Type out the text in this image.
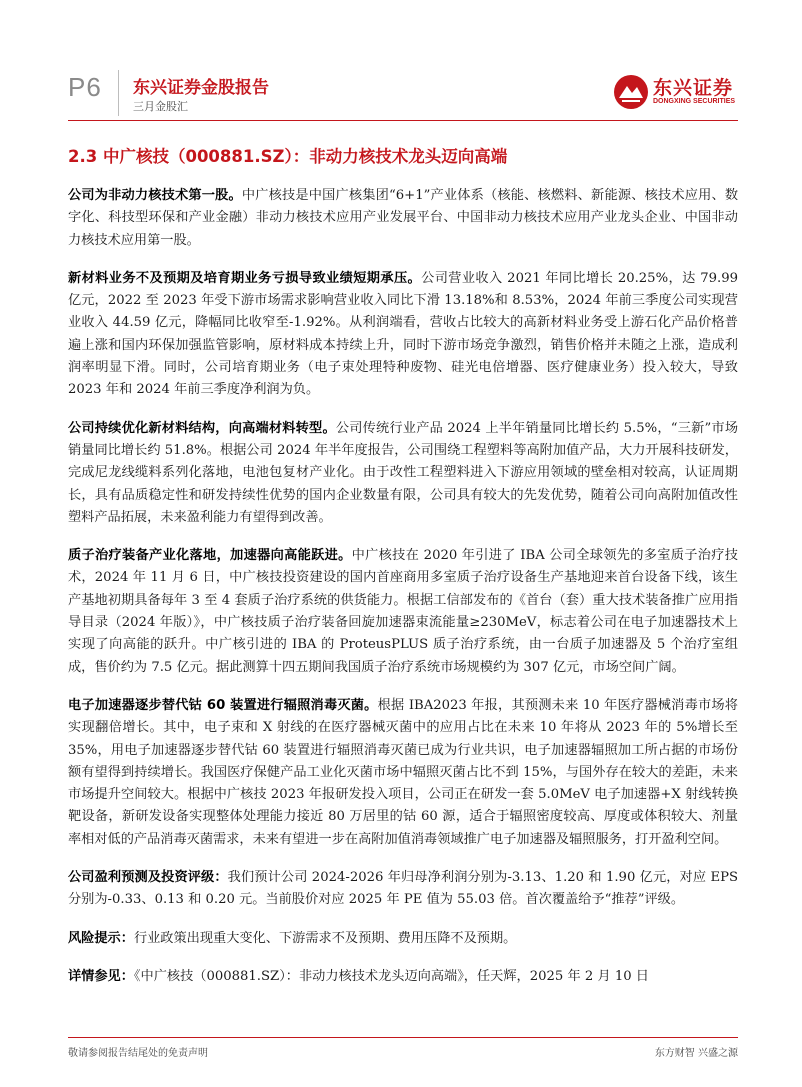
P6 东兴证券金股报告
三月金股汇
东兴证券
DONGXING SECURITIES
2.3 中广核技（000881.SZ）：非动力核技术龙头迈向高端

公司为非动力核技术第一股。中广核技是中国广核集团“6+1”产业体系（核能、核燃料、新能源、核技术应用、数字化、科技型环保和产业金融）非动力核技术应用产业发展平台、中国非动力核技术应用产业龙头企业、中国非动力核技术应用第一股。

新材料业务不及预期及培育期业务亏损导致业绩短期承压。公司营业收入 2021 年同比增长 20.25%，达 79.99 亿元，2022 至 2023 年受下游市场需求影响营业收入同比下滑 13.18%和 8.53%，2024 年前三季度公司实现营业收入 44.59 亿元，降幅同比收窄至-1.92%。从利润端看，营收占比较大的高新材料业务受上游石化产品价格普遍上涨和国内环保加强监管影响，原材料成本持续上升，同时下游市场竞争激烈，销售价格并未随之上涨，造成利润率明显下滑。同时，公司培育期业务（电子束处理特种废物、硅光电倍增器、医疗健康业务）投入较大，导致 2023 年和 2024 年前三季度净利润为负。

公司持续优化新材料结构，向高端材料转型。公司传统行业产品 2024 上半年销量同比增长约 5.5%，“三新”市场销量同比增长约 51.8%。根据公司 2024 年半年度报告，公司围绕工程塑料等高附加值产品，大力开展科技研发，完成尼龙线缆料系列化落地，电池包复材产业化。由于改性工程塑料进入下游应用领域的壁垒相对较高，认证周期长，具有品质稳定性和研发持续性优势的国内企业数量有限，公司具有较大的先发优势，随着公司向高附加值改性塑料产品拓展，未来盈利能力有望得到改善。

质子治疗装备产业化落地，加速器向高能跃进。中广核技在 2020 年引进了 IBA 公司全球领先的多室质子治疗技术，2024 年 11 月 6 日，中广核技投资建设的国内首座商用多室质子治疗设备生产基地迎来首台设备下线，该生产基地初期具备每年 3 至 4 套质子治疗系统的供货能力。根据工信部发布的《首台（套）重大技术装备推广应用指导目录（2024 年版）》，中广核技质子治疗装备回旋加速器束流能量≥230MeV，标志着公司在电子加速器技术上实现了向高能的跃升。中广核引进的 IBA 的 ProteusPLUS 质子治疗系统，由一台质子加速器及 5 个治疗室组成，售价约为 7.5 亿元。据此测算十四五期间我国质子治疗系统市场规模约为 307 亿元，市场空间广阔。

电子加速器逐步替代钴 60 装置进行辐照消毒灭菌。根据 IBA2023 年报，其预测未来 10 年医疗器械消毒市场将实现翻倍增长。其中，电子束和 X 射线的在医疗器械灭菌中的应用占比在未来 10 年将从 2023 年的 5%增长至 35%，用电子加速器逐步替代钴 60 装置进行辐照消毒灭菌已成为行业共识，电子加速器辐照加工所占据的市场份额有望得到持续增长。我国医疗保健产品工业化灭菌市场中辐照灭菌占比不到 15%，与国外存在较大的差距，未来市场提升空间较大。根据中广核技 2023 年报研发投入项目，公司正在研发一套 5.0MeV 电子加速器+X 射线转换靶设备，新研发设备实现整体处理能力接近 80 万居里的钴 60 源，适合于辐照密度较高、厚度或体积较大、剂量率相对低的产品消毒灭菌需求，未来有望进一步在高附加值消毒领域推广电子加速器及辐照服务，打开盈利空间。

公司盈利预测及投资评级：我们预计公司 2024-2026 年归母净利润分别为-3.13、1.20 和 1.90 亿元，对应 EPS 分别为-0.33、0.13 和 0.20 元。当前股价对应 2025 年 PE 值为 55.03 倍。首次覆盖给予“推荐”评级。

风险提示：行业政策出现重大变化、下游需求不及预期、费用压降不及预期。

详情参见：《中广核技（000881.SZ）：非动力核技术龙头迈向高端》，任天辉，2025 年 2 月 10 日

敬请参阅报告结尾处的免责声明	东方财智 兴盛之源
